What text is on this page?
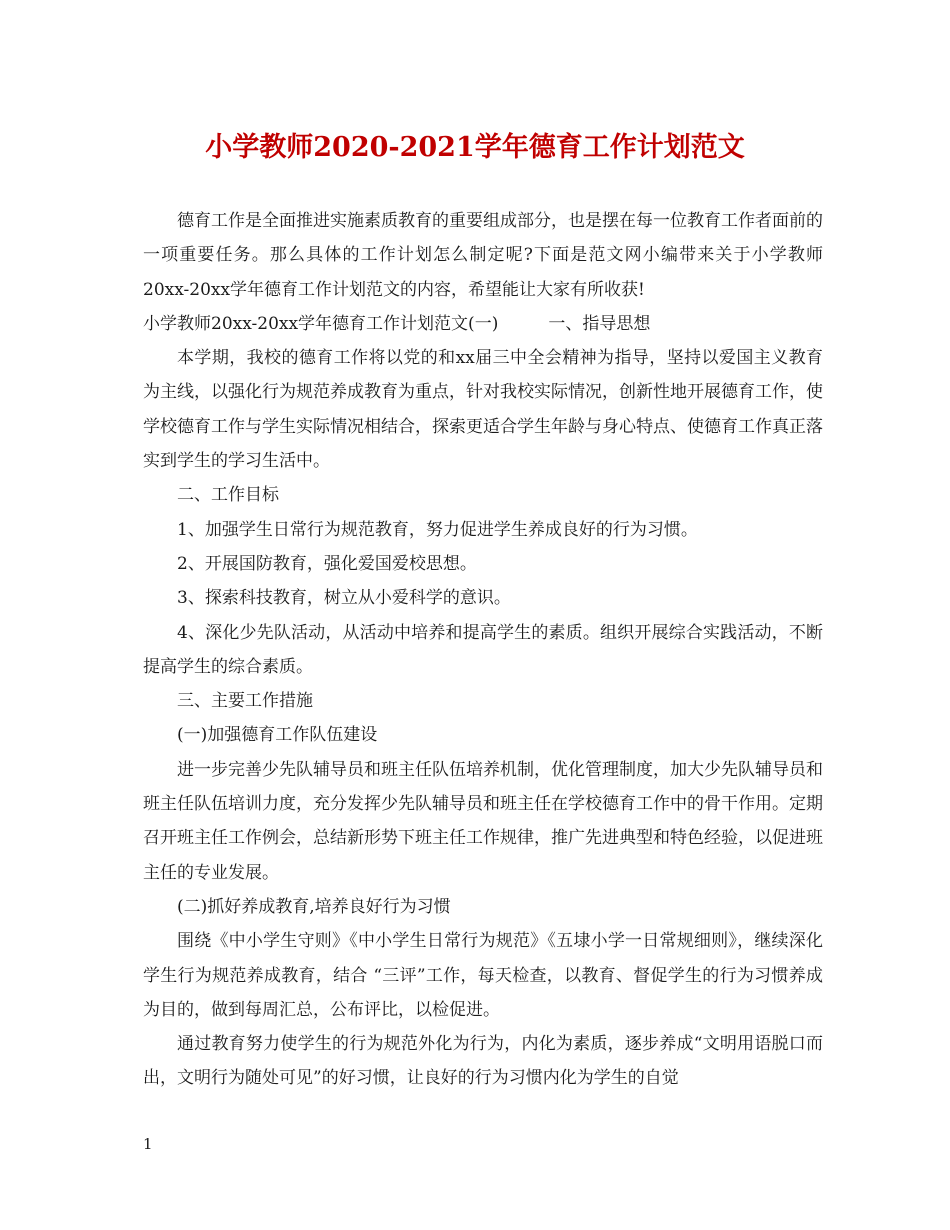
小学教师2020-2021学年德育工作计划范文

德育工作是全面推进实施素质教育的重要组成部分，也是摆在每一位教育工作者面前的一项重要任务。那么具体的工作计划怎么制定呢?下面是范文网小编带来关于小学教师20xx-20xx学年德育工作计划范文的内容，希望能让大家有所收获!

小学教师20xx-20xx学年德育工作计划范文(一)	一、指导思想

本学期，我校的德育工作将以党的和xx届三中全会精神为指导，坚持以爱国主义教育为主线，以强化行为规范养成教育为重点，针对我校实际情况，创新性地开展德育工作，使学校德育工作与学生实际情况相结合，探索更适合学生年龄与身心特点、使德育工作真正落实到学生的学习生活中。

二、工作目标

1、加强学生日常行为规范教育，努力促进学生养成良好的行为习惯。

2、开展国防教育，强化爱国爱校思想。

3、探索科技教育，树立从小爱科学的意识。

4、深化少先队活动，从活动中培养和提高学生的素质。组织开展综合实践活动，不断提高学生的综合素质。

三、主要工作措施

(一)加强德育工作队伍建设

进一步完善少先队辅导员和班主任队伍培养机制，优化管理制度，加大少先队辅导员和班主任队伍培训力度，充分发挥少先队辅导员和班主任在学校德育工作中的骨干作用。定期召开班主任工作例会，总结新形势下班主任工作规律，推广先进典型和特色经验，以促进班主任的专业发展。

(二)抓好养成教育,培养良好行为习惯

围绕《中小学生守则》《中小学生日常行为规范》《五埭小学一日常规细则》，继续深化学生行为规范养成教育，结合 “三评”工作，每天检查，以教育、督促学生的行为习惯养成为目的，做到每周汇总，公布评比，以检促进。

通过教育努力使学生的行为规范外化为行为，内化为素质，逐步养成“文明用语脱口而出，文明行为随处可见”的好习惯，让良好的行为习惯内化为学生的自觉

1
